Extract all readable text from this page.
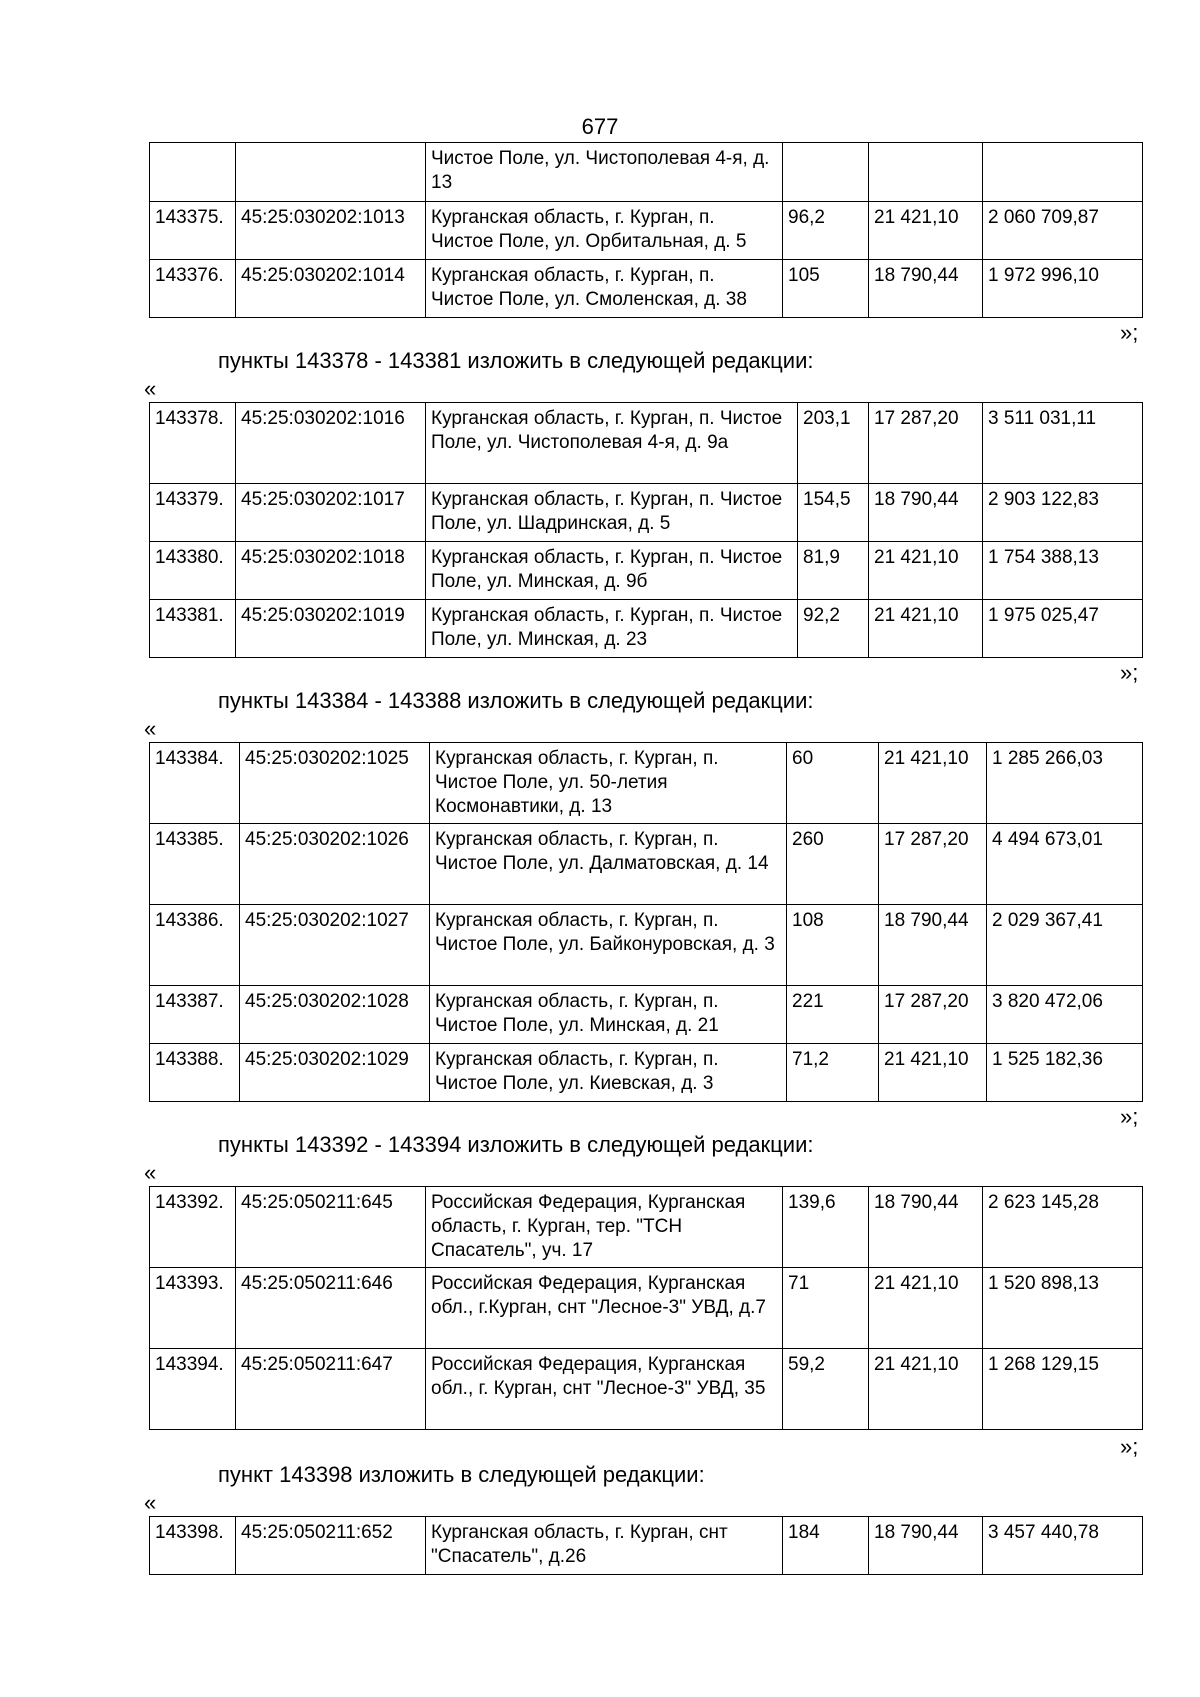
677
		Чистое Поле, ул. Чистополевая 4-я, д. 13			
143375.	45:25:030202:1013	Курганская область, г. Курган, п. Чистое Поле, ул. Орбитальная, д. 5	96,2	21 421,10	2 060 709,87
143376.	45:25:030202:1014	Курганская область, г. Курган, п. Чистое Поле, ул. Смоленская, д. 38	105	18 790,44	1 972 996,10
»;
пункты 143378 - 143381 изложить в следующей редакции:
«
143378.	45:25:030202:1016	Курганская область, г. Курган, п. Чистое Поле, ул. Чистополевая 4-я, д. 9а	203,1	17 287,20	3 511 031,11
143379.	45:25:030202:1017	Курганская область, г. Курган, п. Чистое Поле, ул. Шадринская, д. 5	154,5	18 790,44	2 903 122,83
143380.	45:25:030202:1018	Курганская область, г. Курган, п. Чистое Поле, ул. Минская, д. 9б	81,9	21 421,10	1 754 388,13
143381.	45:25:030202:1019	Курганская область, г. Курган, п. Чистое Поле, ул. Минская, д. 23	92,2	21 421,10	1 975 025,47
»;
пункты 143384 - 143388 изложить в следующей редакции:
«
143384.	45:25:030202:1025	Курганская область, г. Курган, п. Чистое Поле, ул. 50-летия Космонавтики, д. 13	60	21 421,10	1 285 266,03
143385.	45:25:030202:1026	Курганская область, г. Курган, п. Чистое Поле, ул. Далматовская, д. 14	260	17 287,20	4 494 673,01
143386.	45:25:030202:1027	Курганская область, г. Курган, п. Чистое Поле, ул. Байконуровская, д. 3	108	18 790,44	2 029 367,41
143387.	45:25:030202:1028	Курганская область, г. Курган, п. Чистое Поле, ул. Минская, д. 21	221	17 287,20	3 820 472,06
143388.	45:25:030202:1029	Курганская область, г. Курган, п. Чистое Поле, ул. Киевская, д. 3	71,2	21 421,10	1 525 182,36
»;
пункты 143392 - 143394 изложить в следующей редакции:
«
143392.	45:25:050211:645	Российская Федерация, Курганская область, г. Курган, тер. "ТСН Спасатель", уч. 17	139,6	18 790,44	2 623 145,28
143393.	45:25:050211:646	Российская Федерация, Курганская обл., г.Курган, снт "Лесное-3" УВД, д.7	71	21 421,10	1 520 898,13
143394.	45:25:050211:647	Российская Федерация, Курганская обл., г. Курган, снт "Лесное-3" УВД, 35	59,2	21 421,10	1 268 129,15
»;
пункт 143398 изложить в следующей редакции:
«
143398.	45:25:050211:652	Курганская область, г. Курган, снт "Спасатель", д.26	184	18 790,44	3 457 440,78
